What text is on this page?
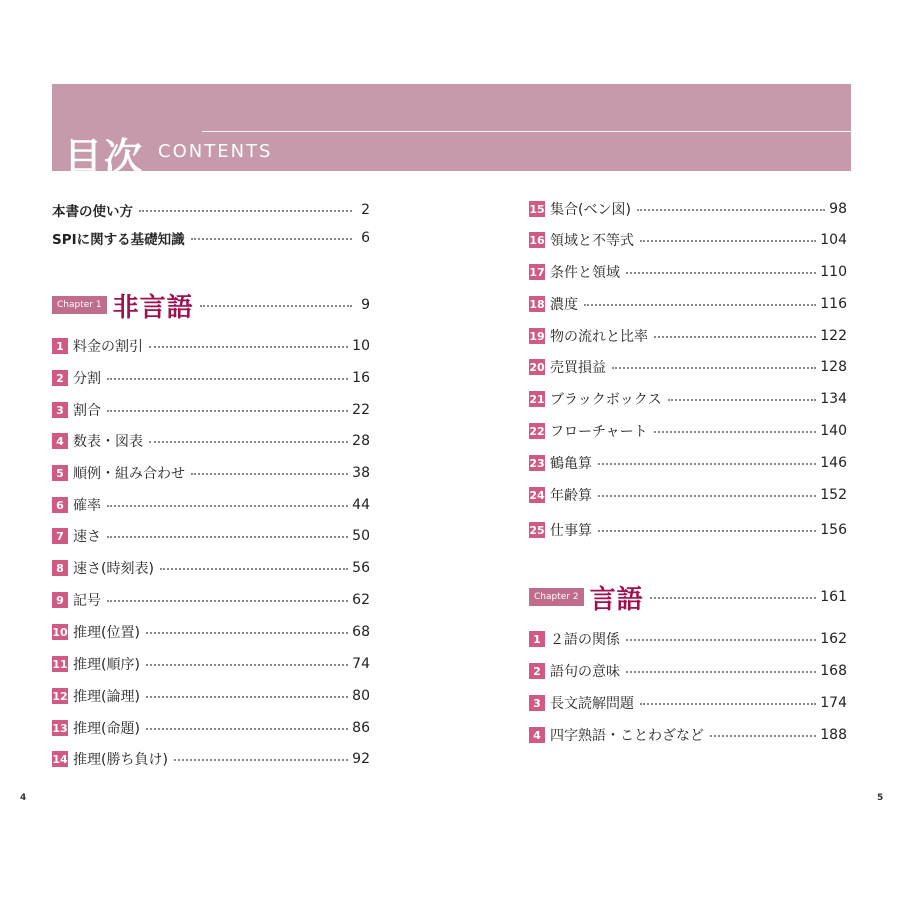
目次 CONTENTS
本書の使い方	2
SPIに関する基礎知識	6
Chapter 1 非言語	9
1 料金の割引	10
2 分割	16
3 割合	22
4 数表・図表	28
5 順例・組み合わせ	38
6 確率	44
7 速さ	50
8 速さ(時刻表)	56
9 記号	62
10 推理(位置)	68
11 推理(順序)	74
12 推理(論理)	80
13 推理(命題)	86
14 推理(勝ち負け)	92
15 集合(ベン図)	98
16 領域と不等式	104
17 条件と領域	110
18 濃度	116
19 物の流れと比率	122
20 売買損益	128
21 ブラックボックス	134
22 フローチャート	140
23 鶴亀算	146
24 年齢算	152
25 仕事算	156
Chapter 2 言語	161
1 ２語の関係	162
2 語句の意味	168
3 長文読解問題	174
4 四字熟語・ことわざなど	188
4	5
